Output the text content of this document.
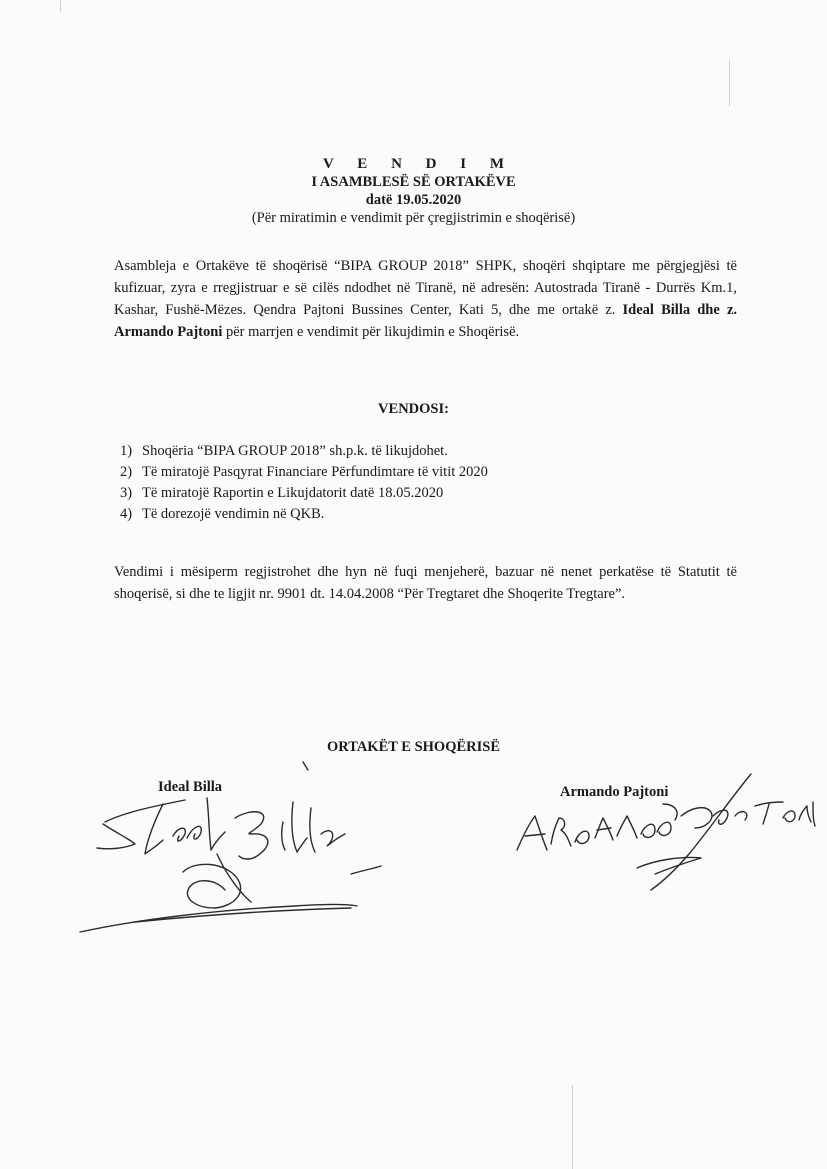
V E N D I M
I ASAMBLESË SË ORTAKËVE
datë 19.05.2020
(Për miratimin e vendimit për çregjistrimin e shoqërisë)

Asambleja e Ortakëve të shoqërisë “BIPA GROUP 2018” SHPK, shoqëri shqiptare me përgjegjësi të kufizuar, zyra e rregjistruar e së cilës ndodhet në Tiranë, në adresën: Autostrada Tiranë - Durrës Km.1, Kashar, Fushë-Mëzes. Qendra Pajtoni Bussines Center, Kati 5, dhe me ortakë z. Ideal Billa dhe z. Armando Pajtoni për marrjen e vendimit për likujdimin e Shoqërisë.

VENDOSI:
1) Shoqëria “BIPA GROUP 2018” sh.p.k. të likujdohet.
2) Të miratojë Pasqyrat Financiare Përfundimtare të vitit 2020
3) Të miratojë Raportin e Likujdatorit datë 18.05.2020
4) Të dorezojë vendimin në QKB.

Vendimi i mësiperm regjistrohet dhe hyn në fuqi menjeherë, bazuar në nenet perkatëse të Statutit të shoqerisë, si dhe te ligjit nr. 9901 dt. 14.04.2008 “Për Tregtaret dhe Shoqerite Tregtare”.

ORTAKËT E SHOQËRISË
Ideal Billa	Armando Pajtoni
